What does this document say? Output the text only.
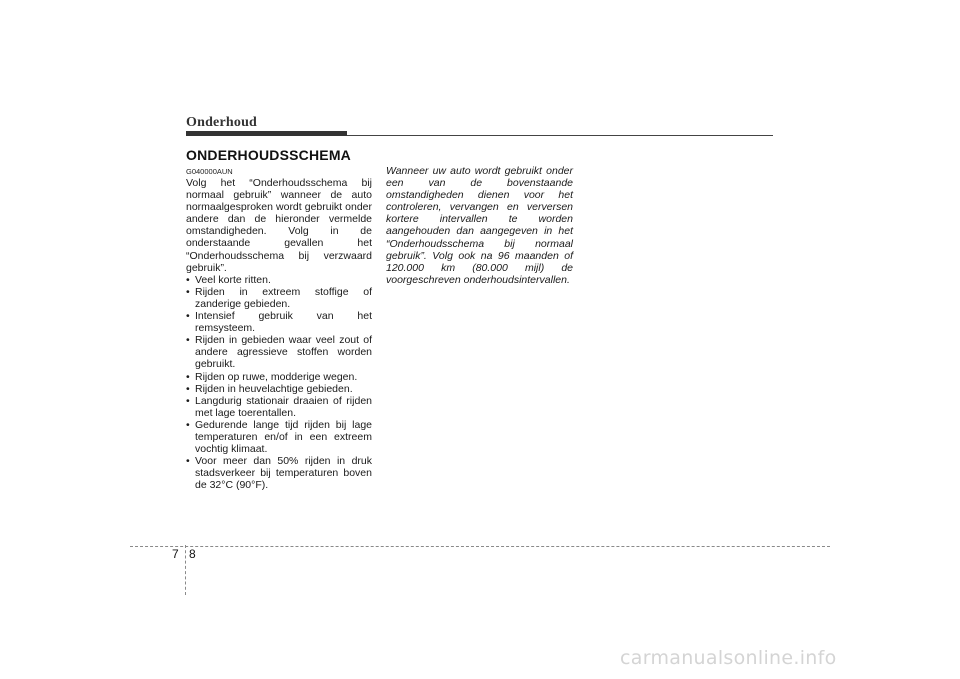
Onderhoud
ONDERHOUDSSCHEMA
G040000AUN

Volg het “Onderhoudsschema bij normaal gebruik” wanneer de auto normaalgesproken wordt gebruikt onder andere dan de hieronder vermelde omstandigheden. Volg in de onderstaande gevallen het “Onderhoudsschema bij verzwaard gebruik”.

• Veel korte ritten.
• Rijden in extreem stoffige of zanderige gebieden.
• Intensief gebruik van het remsysteem.
• Rijden in gebieden waar veel zout of andere agressieve stoffen worden gebruikt.
• Rijden op ruwe, modderige wegen.
• Rijden in heuvelachtige gebieden.
• Langdurig stationair draaien of rijden met lage toerentallen.
• Gedurende lange tijd rijden bij lage temperaturen en/of in een extreem vochtig klimaat.
• Voor meer dan 50% rijden in druk stadsverkeer bij temperaturen boven de 32°C (90°F).
Wanneer uw auto wordt gebruikt onder een van de bovenstaande omstandigheden dienen voor het controleren, vervangen en verversen kortere intervallen te worden aangehouden dan aangegeven in het “Onderhoudsschema bij normaal gebruik”. Volg ook na 96 maanden of 120.000 km (80.000 mijl) de voorgeschreven onderhoudsintervallen.
7 8
carmanualsonline.info
